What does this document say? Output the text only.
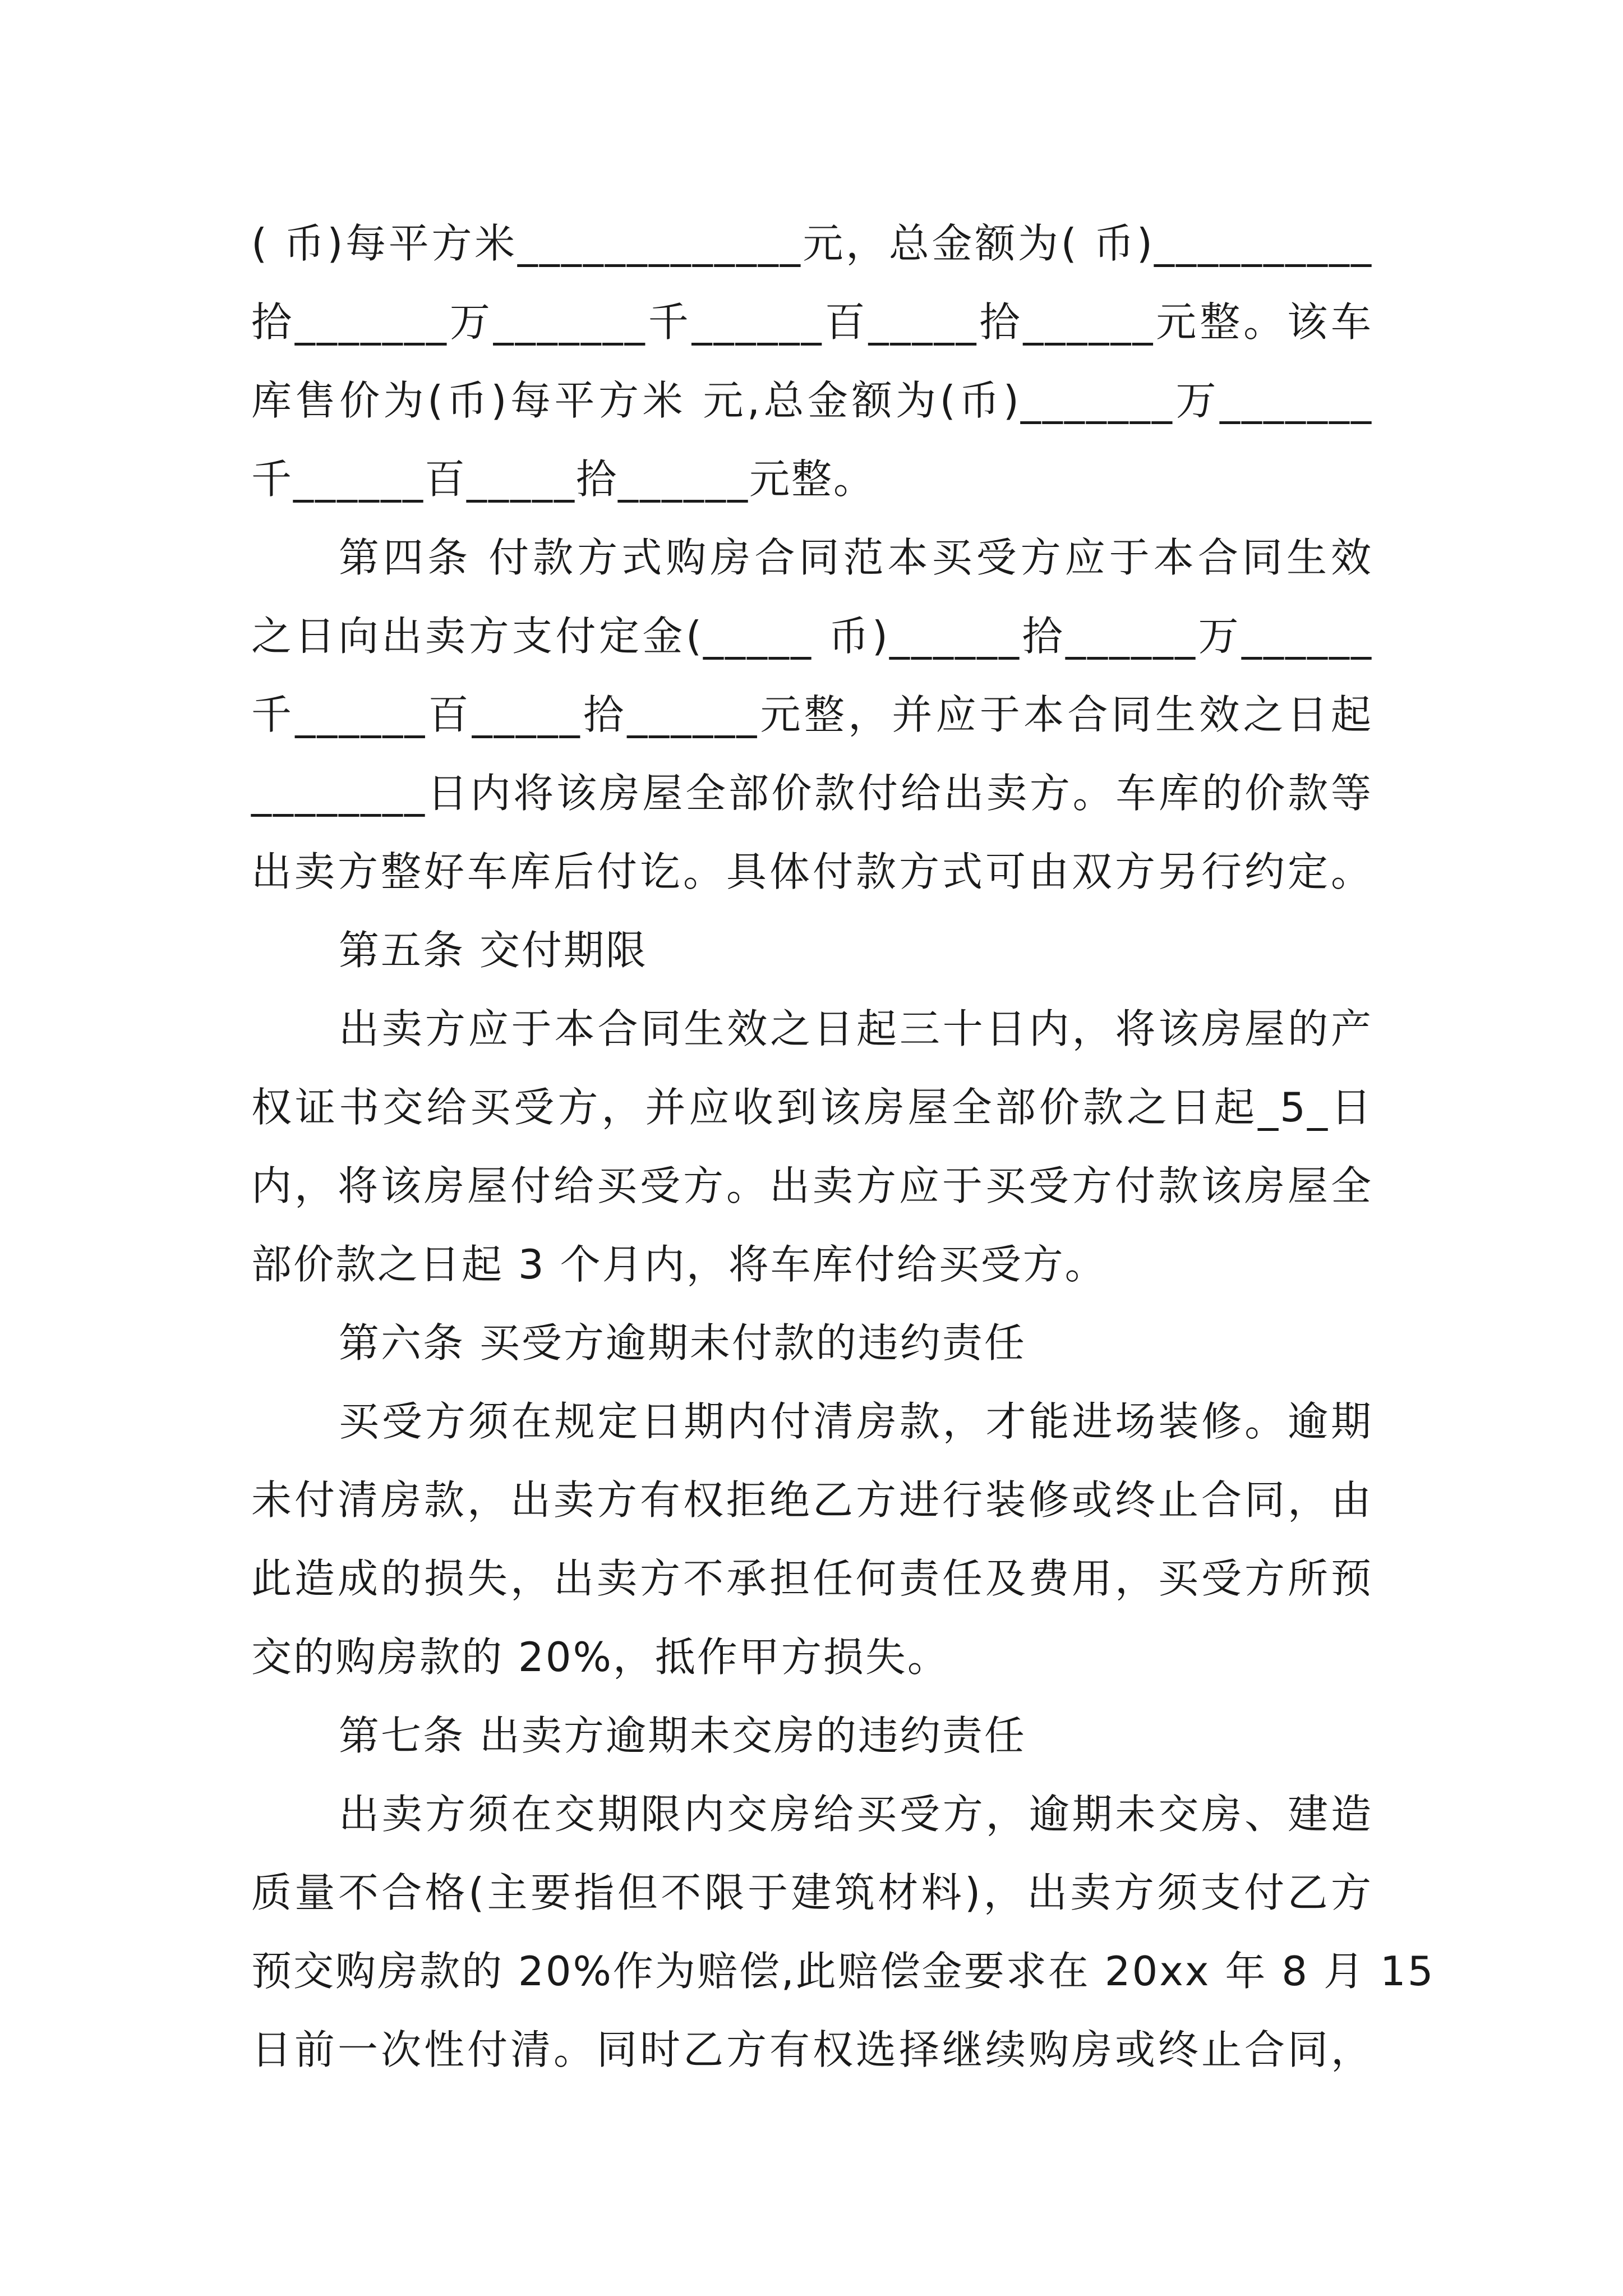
( 币)每平方米_____________元，总金额为( 币)__________
拾_______万_______千______百_____拾______元整。该车
库售价为(币)每平方米 元,总金额为(币)_______万_______
千______百_____拾______元整。
第四条 付款方式购房合同范本买受方应于本合同生效
之日向出卖方支付定金(_____ 币)______拾______万______
千______百_____拾______元整，并应于本合同生效之日起
________日内将该房屋全部价款付给出卖方。车库的价款等
出卖方整好车库后付讫。具体付款方式可由双方另行约定。
第五条 交付期限
出卖方应于本合同生效之日起三十日内，将该房屋的产
权证书交给买受方，并应收到该房屋全部价款之日起_5_日
内，将该房屋付给买受方。出卖方应于买受方付款该房屋全
部价款之日起 3 个月内，将车库付给买受方。
第六条 买受方逾期未付款的违约责任
买受方须在规定日期内付清房款，才能进场装修。逾期
未付清房款，出卖方有权拒绝乙方进行装修或终止合同，由
此造成的损失，出卖方不承担任何责任及费用，买受方所预
交的购房款的 20%，抵作甲方损失。
第七条 出卖方逾期未交房的违约责任
出卖方须在交期限内交房给买受方，逾期未交房、建造
质量不合格(主要指但不限于建筑材料)，出卖方须支付乙方
预交购房款的 20%作为赔偿,此赔偿金要求在 20xx 年 8 月 15
日前一次性付清。同时乙方有权选择继续购房或终止合同，
